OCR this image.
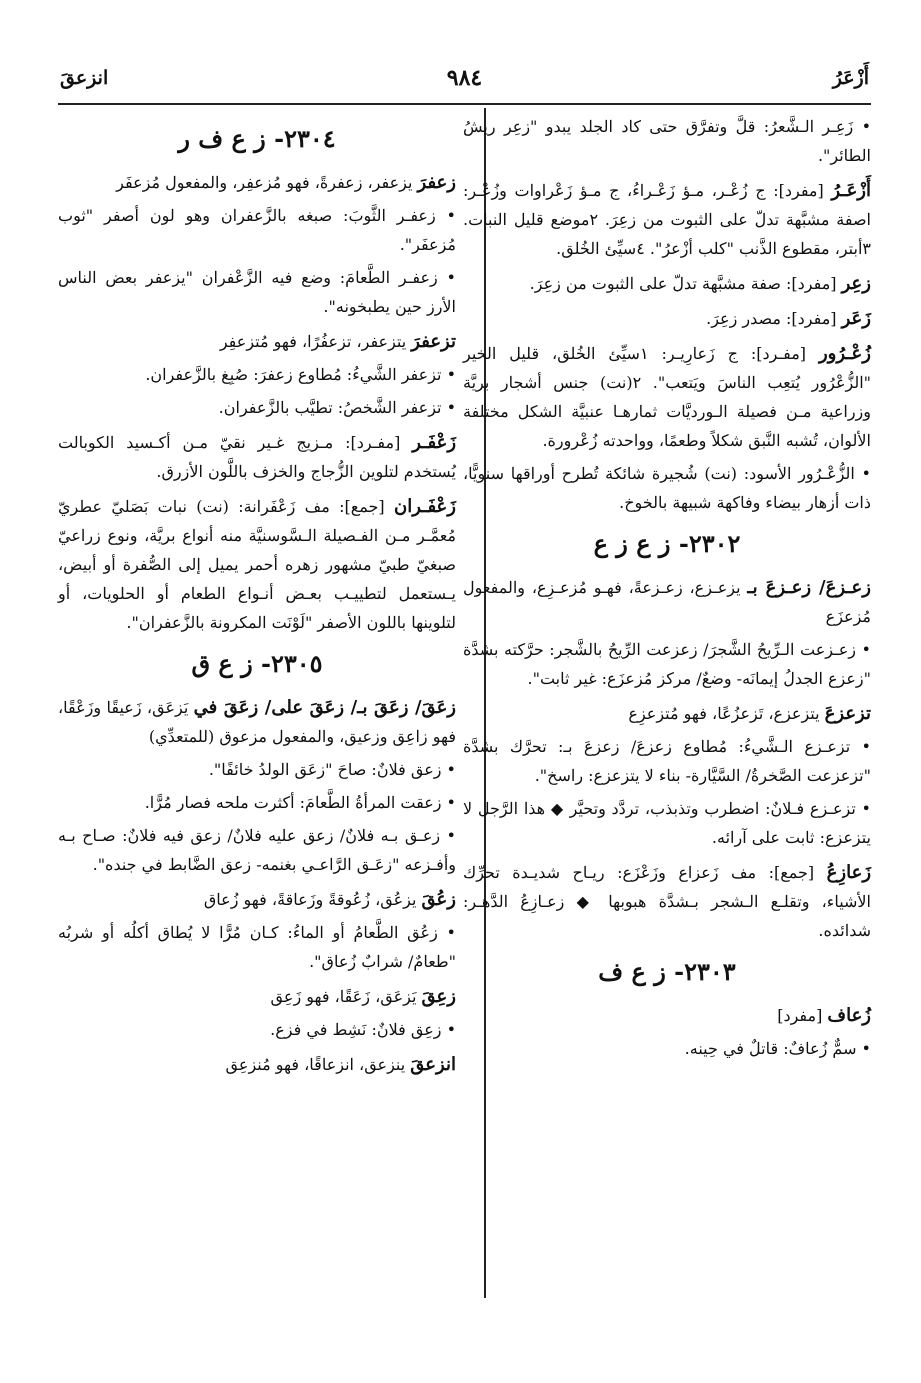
أَزْعَرُ
٩٨٤
انزعقَ

• زَعِـر الـشَّعرُ: قلَّ وتفرَّق حتى كاد الجلد يبدو "زعِر ريشُ الطائر".

أَزْعَـرُ [مفرد]: ج زُعْـر، مـؤ زَعْـراءُ، ج مـؤ زَعْراوات وزُعْـر: اصفة مشبَّهة تدلّ على الثبوت من زعِرَ. ٢موضع قليل النبات. ٣أبتر، مقطوع الذَّنب "كلب أزْعرُ". ٤سيِّئ الخُلق.

زعِر [مفرد]: صفة مشبَّهة تدلّ على الثبوت من زعِرَ.

زَعَر [مفرد]: مصدر زعِرَ.

زُعْـرُور [مفـرد]: ج زَعارِيـر: ١سيِّئ الخُلق، قليل الخير "الزُّعْرُور يُتعِب الناسَ ويَتعب". ٢(نت) جنس أشجار بريَّة وزراعية مـن فصيلة الـورديَّات ثمارهـا عنبيَّة الشكل مختلفة الألوان، تُشبه النَّبق شكلاً وطعمًا، وواحدته زُعْرورة.

• الزُّعْـرُور الأسود: (نت) شُجيرة شائكة تُطرح أوراقها سنويًّا، ذات أزهار بيضاء وفاكهة شبيهة بالخوخ.

٢٣٠٢- ز ع ز ع

زعـزعَ/ زعـزعَ بـ يزعـزع، زعـزعةً، فهـو مُزعـزِع، والمفعول مُزعزَع

• زعـزعت الـرِّيحُ الشَّجرَ/ زعزعت الرِّيحُ بالشَّجر: حرَّكته بشدَّة "زعزع الجدلُ إيمانَه- وضعٌ/ مركز مُزعزَع: غير ثابت".

تزعزعَ يتزعزع، تَزعزُعًا، فهو مُتزعزِع

• تزعـزع الـشَّيءُ: مُطاوع زعزعَ/ زعزعَ بـ: تحرَّك بشدَّة "تزعزعت الصَّخرةُ/ السَّيَّارة- بناء لا يتزعزع: راسخ".

• تزعـزع فـلانٌ: اضطرب وتذبذب، تردَّد وتحيَّر ◆ هذا الرَّجل لا يتزعزع: ثابت على آرائه.

زَعازِعُ [جمع]: مف زَعزاع وزَعْزَع: ريـاح شديـدة تحرِّك الأشياء، وتقلـع الـشجر بـشدَّة هبوبها ◆ زعـازِعُ الدَّهـر: شدائده.

٢٣٠٣- ز ع ف

زُعاف [مفرد]

• سمٌّ زُعافٌ: قاتلٌ في حِينه.

٢٣٠٤- ز ع ف ر

زعفرَ يزعفر، زعفرةً، فهو مُزعفِر، والمفعول مُزعفَر

• زعفـر الثَّوبَ: صبغه بالزَّعفران وهو لون أصفر "ثوب مُزعفَر".

• زعفـر الطَّعامَ: وضع فيه الزَّعْفران "يزعفر بعض الناس الأرز حين يطبخونه".

تزعفرَ يتزعفر، تزعفُرًا، فهو مُتزعفِر

• تزعفر الشَّيءُ: مُطاوع زعفرَ: صُبِغ بالزَّعفران.

• تزعفر الشَّخصُ: تطيَّب بالزَّعفران.

زَعْفَـر [مفـرد]: مـزيج غـير نقيّ مـن أكـسيد الكوبالت يُستخدم لتلوين الزُّجاج والخزف باللَّون الأزرق.

زَعْفَـران [جمع]: مف زَعْفَرانة: (نت) نبات بَصَليّ عطريّ مُعمَّـر مـن الفـصيلة الـسَّوسنيَّة منه أنواع بريَّة، ونوع زراعيّ صبغيّ طبيّ مشهور زهره أحمر يميل إلى الصُّفرة أو أبيض، يـستعمل لتطييـب بعـض أنـواع الطعام أو الحلويات، أو لتلوينها باللون الأصفر "لَوْنَت المكرونة بالزَّعفران".

٢٣٠٥- ز ع ق

زعَقَ/ زعَقَ بـ/ زعَقَ على/ زعَقَ في يَزعَق، زَعيقًا وزَعْقًا، فهو زاعِق وزعيق، والمفعول مزعوق (للمتعدِّي)

• زعق فلانٌ: صاحَ "زعَق الولدُ خائفًا".

• زعقت المرأةُ الطَّعامَ: أكثرت ملحه فصار مُرًّا.

• زعـق بـه فلانٌ/ زعق عليه فلانٌ/ زعق فيه فلانٌ: صـاح بـه وأفـزعه "زعَـق الرَّاعـي بغنمه- زعق الضَّابط في جنده".

زعُقَ يزعُق، زُعُوقةً وزَعاقةً، فهو زُعاق

• زعُق الطَّعامُ أو الماءُ: كـان مُرًّا لا يُطاق أكلُه أو شربُه "طعامٌ/ شرابٌ زُعاق".

زعِقَ يَزعَق، زَعَقًا، فهو زَعِق

• زعِق فلانٌ: نَشِط في فزع.

انزعقَ ينزعق، انزعاقًا، فهو مُنزعِق
